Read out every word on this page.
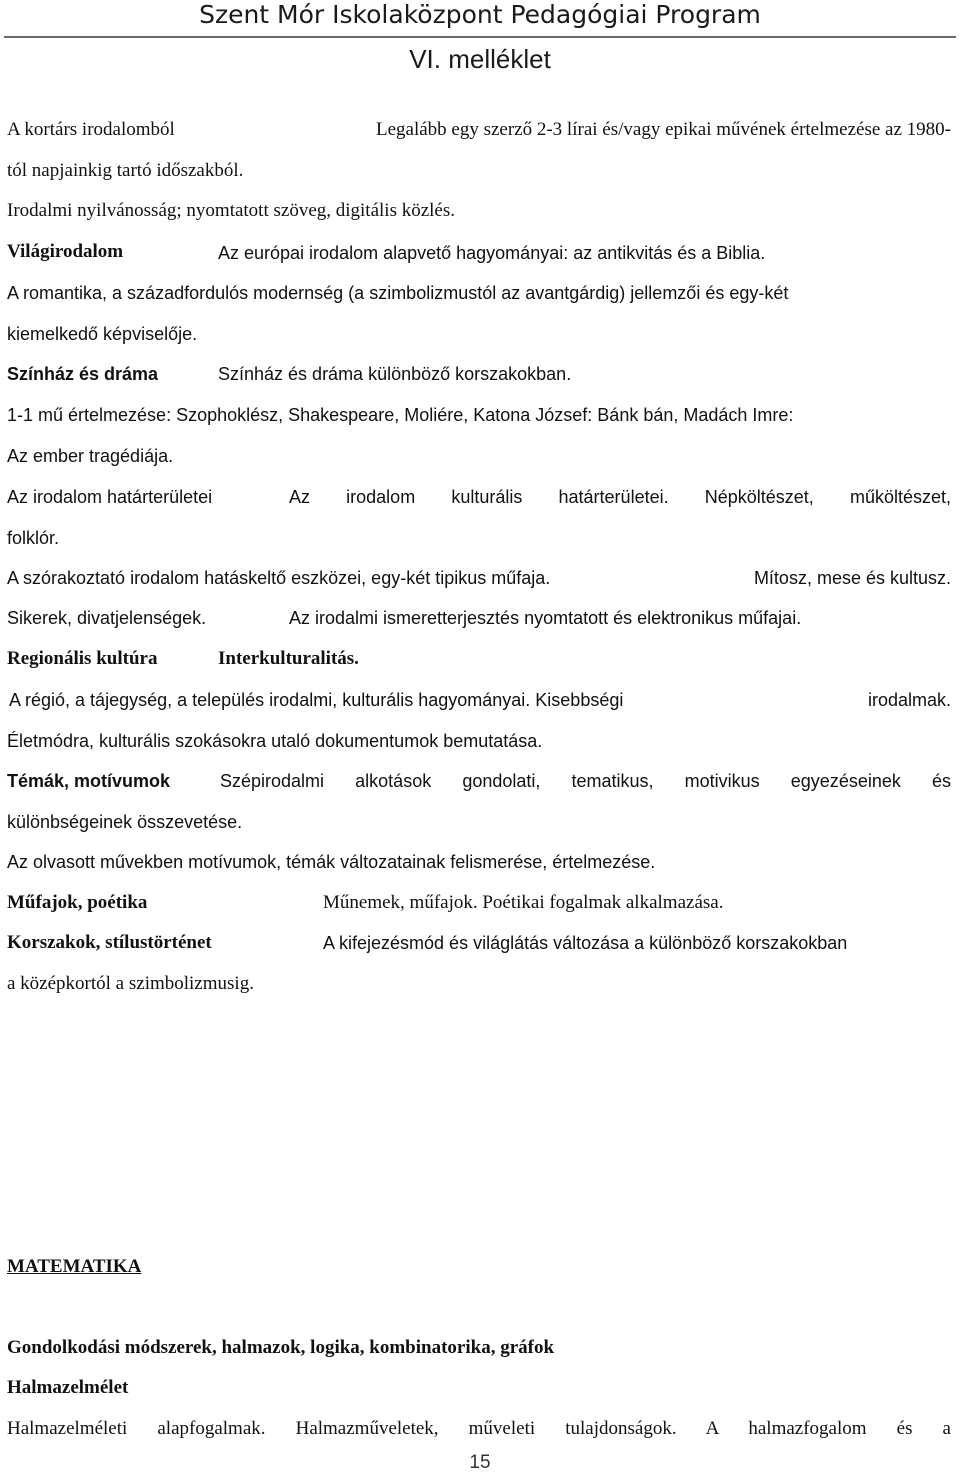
Szent Mór Iskolaközpont Pedagógiai Program
VI. melléklet
A kortárs irodalomból	Legalább egy szerző 2-3 lírai és/vagy epikai művének értelmezése az 1980-
tól napjainkig tartó időszakból.
Irodalmi nyilvánosság; nyomtatott szöveg, digitális közlés.
Világirodalom	Az európai irodalom alapvető hagyományai: az antikvitás és a Biblia.
A romantika, a századfordulós modernség (a szimbolizmustól az avantgárdig) jellemzői és egy-két
kiemelkedő képviselője.
Színház és dráma	Színház és dráma különböző korszakokban.
1-1 mű értelmezése: Szophoklész, Shakespeare, Moliére, Katona József: Bánk bán, Madách Imre:
Az ember tragédiája.
Az irodalom határterületei	Az irodalom kulturális határterületei. Népköltészet, műköltészet,
folklór.
A szórakoztató irodalom hatáskeltő eszközei, egy-két tipikus műfaja.	Mítosz, mese és kultusz.
Sikerek, divatjelenségek.	Az irodalmi ismeretterjesztés nyomtatott és elektronikus műfajai.
Regionális kultúra	Interkulturalitás.
A régió, a tájegység, a település irodalmi, kulturális hagyományai. Kisebbségi	irodalmak.
Életmódra, kulturális szokásokra utaló dokumentumok bemutatása.
Témák, motívumok	Szépirodalmi alkotások gondolati, tematikus, motivikus egyezéseinek és
különbségeinek összevetése.
Az olvasott művekben motívumok, témák változatainak felismerése, értelmezése.
Műfajok, poétika	Műnemek, műfajok. Poétikai fogalmak alkalmazása.
Korszakok, stílustörténet	A kifejezésmód és világlátás változása a különböző korszakokban
a középkortól a szimbolizmusig.
MATEMATIKA
Gondolkodási módszerek, halmazok, logika, kombinatorika, gráfok
Halmazelmélet
Halmazelméleti alapfogalmak. Halmazműveletek, műveleti tulajdonságok. A halmazfogalom és a
15
